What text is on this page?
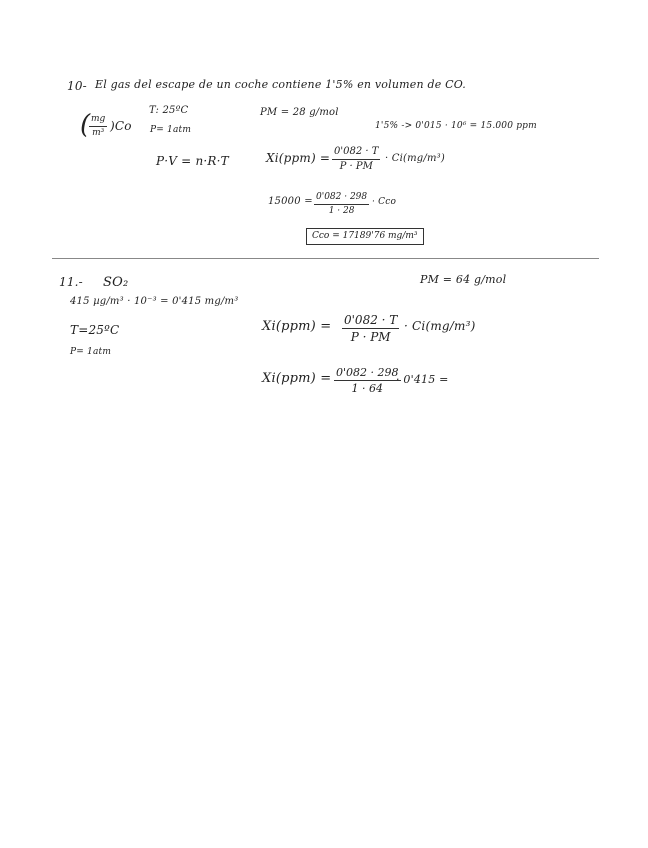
10- El gas del escape de un coche contiene 1'5% en volumen de CO.
(
$\frac{mg}{\text{m³}} )Co$
T: 25ºC
P= 1atm
PM = 28 g/mol
1'5% -> 0'015 · 10⁶ = 15.000 ppm
P·V = n·R·T	$Xi(ppm) = \frac{0'082 \cdot T}{P \cdot PM} \cdot Ci(mg/m^3)$
$15000 = \frac{0'082 \cdot 298}{1 \cdot 28}$ · Cco
Cco = 17189'76 mg/m³
11.- SO₂	PM = 64 g/mol
415 µg/m³ · 10⁻³ = 0'415 mg/m³
T=25ºC
P= 1atm
$Xi(ppm) = \frac{0'082 \cdot T}{P \cdot PM} \cdot Ci(mg/m^3)$
$Xi(ppm) = \frac{0'082 \cdot 298}{1 \cdot 64}$
· 0'415 =
